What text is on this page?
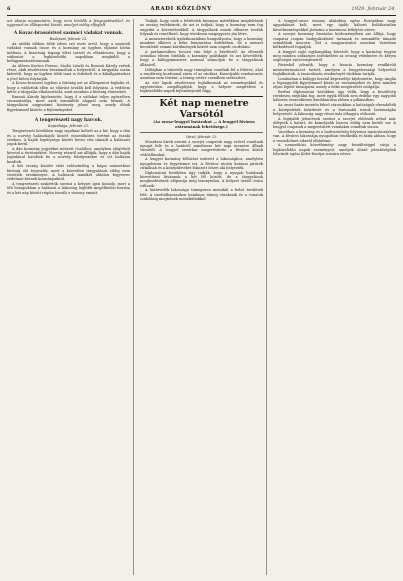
6	ARADI KÖZLÖNY	1929. február 24.

azt akarja megmutatni, hogy nem törődik a fenyegetésekkel, és ugyanazt az álláspontot követi, amelyet eddig elfoglalt.

A Kovac-brassóvivel sasmóci vádakat vonnak.
Budapest, február 23.

Az utóbbi időben több ízben szó esett arról, hogy a sasmódi vádakat vonnak össze és a kormány az ügyben eljárást kíván indítani. A bizottság tegnap ülést tartott és elhatározta, hogy a vádiratot a legközelebbi napokban megküldi a belügyminisztériumnak.

Az ülésen Kovács Ferenc, Szabó László és Brassói Károly vettek részt, akik részletesen beszámoltak a helyzetről. A tárgyalás során kiderült, hogy az ügyben több tanú is érdekelt és a kihallgatásokat a jövő héten folytatják.

A Kovac-brassóvi ügyben a bíróság azt az álláspontot foglalta el, hogy a vádlottak ellen az eljárást tovább kell folytatni. A védelem kérte a tárgyalás elhalasztását, amit azonban a bíróság elutasított.

Brassói Károly kijelentette, hogy ő a vádakat teljes egészében visszautasítja, mert azok semmiféle alappal nem bírnak. A tárgyaláson nagyszámú közönség jelent meg, amely élénk figyelemmel kísérte a fejleményeket.

A tengerészeti nagy harcok.
Kopenhága, február 23.

Tengerészeti körökben nagy izgalmat keltett az a hír, hogy a dán és a norvég halászhajók között összeütközés történt az északi vizeken. A hajók legénysége között heves vita támadt a halászati jogok körül.

A dán kormány jegyzéket intézett Oszlóhoz, amelyben elégtételt követel a történtekért. Norvég részről azt állítják, hogy a dán hajók jogtalanul hatoltak be a norvég felségvizekre és ott halászni kezdtek.

A két ország közötti vitát valószínűleg a hágai nemzetközi bíróság elé terjesztik, mert a közvetlen tárgyalások eddig nem vezettek eredményre. A halászok mindkét oldalon fegyveres védelmet kérnek kormányaiktól.

A tengerészeti szakértők szerint a helyzet igen komoly, mert a téli hónapokban a halászat a lakosság legfőbb megélhetési forrása és a két nép között régóta feszült a viszony emiatt.

Tudjuk, hogy ezek a feltételek bizonyos mértékben megfelelnek az ország érdekeinek, de azt is tudjuk, hogy a kormány nem fog engedni a követelésekből. A tárgyalások ennek ellenére tovább folynak és remélhető, hogy rövidesen megegyezés jön létre.

A miniszterelnök nyilatkozatában hangsúlyozta, hogy a kormány mindent elkövet a béke fenntartása érdekében, de a nemzet becsületét semmi körülmények között nem engedi csorbítani.

A parlamentben hosszú vita folyt a kérdésről. Az ellenzék szónokai élesen bírálták a kormány politikáját és azt követelték, hogy a külügyminiszter azonnal számoljon be a tárgyalások állásáról.

Déltájban a tüntetők nagy tömegben vonultak fel a főtérre, ahol a rendőrség kordonnal zárta el az utcákat. Komolyabb rendzavarás azonban nem történt, a tömeg estére csendben szétoszlott.

Az esti lapok részletesen foglalkoznak az eseményekkel és egyöntetűen megállapítják, hogy a helyzet megítélése a legközelebbi napok fejleményeitől függ.

Két nap menetre Varsótól

(Az orosz-lengyel határokat — A lengyel főváros ostromának lehetősége.)

Varsó, február 23.

Moszkvai hírek szerint a szovjet csapatok nagy erővel vonulnak nyugat felé és a határtól mindössze két napi menetre állnak Varsótól. A lengyel vezérkar megerősítette a főváros körüli védőállásokat.

A lengyel kormány felhívást intézett a lakossághoz, amelyben nyugalomra és fegyelemre int. A főváros utcáin katonai járőrök cirkálnak és a középületeket fokozott őrizet alá helyezték.

Diplomáciai körökben úgy tudják, hogy a nyugati hatalmak közvetíteni kívánnak a két fél között, de a tárgyalások megkezdésének időpontja még bizonytalan. A helyzet óráról órára változik.

A határvidék lakossága tömegesen menekül a belső területek felé. A vasútállomásokon hatalmas tömeg várakozik és a vonatok zsúfolásig megtelnek menekültekkel.

A lengyel-orosz viszony alakulása egész Európában nagy aggodalmat kelt, mert egy újabb háború beláthatatlan következményekkel járhatna a kontinens békéjére nézve.

A szovjet kormány hivatalos közleményében azt állítja, hogy csapatai csupán hadgyakorlatot tartanak és semmiféle támadó szándékuk nincsen. Ezt a magyarázatot azonban Varsóban kétkedéssel fogadják.

A lengyel sajtó egyhangúlag követeli, hogy a kormány tegyen meg minden szükséges intézkedést az ország védelmére és kérjen segítséget szövetségeseitől.

Párizsból jelentik, hogy a francia kormány rendkívüli minisztertanácsot tartott, amelyen a lengyelországi helyzettel foglalkoztak. A tanácskozás eredményét titokban tartják.

Londonban a külügyi hivatal képviselője kijelentette, hogy Anglia a legnagyobb figyelemmel kíséri az eseményeket és kész minden olyan lépést támogatni, amely a béke megőrzését szolgálja.

Berlini diplomáciai körökben úgy vélik, hogy a feszültség rövidesen enyhülni fog, mert egyik félnek sem érdeke egy nagyobb háborús összeütközés kirobbantása ebben a pillanatban.

Az orosz határ mentén fekvő városokban a hatóságok elrendelték a középületek kiürítését és a fontosabb iratok biztonságba helyezését. A lakosság nagy része már elhagyta otthonát.

A legújabb jelentések szerint a szovjet előőrsök néhol már átlépték a határt, de komolyabb harcra eddig nem került sor. A lengyel csapatok a megerősített vonalakra vonultak vissza.

Varsóban a kormány és a hadvezetőség folytonos tanácskozásban van. A főváros lakossága nyugodtan viselkedik és bízik abban, hogy a veszedelmet sikerül elhárítani.

A nemzetközi közvélemény nagy feszültséggel várja a legközelebbi napok eseményeit, amelyek döntő jelentőségűek lehetnek egész Kelet-Európa sorsára nézve.
